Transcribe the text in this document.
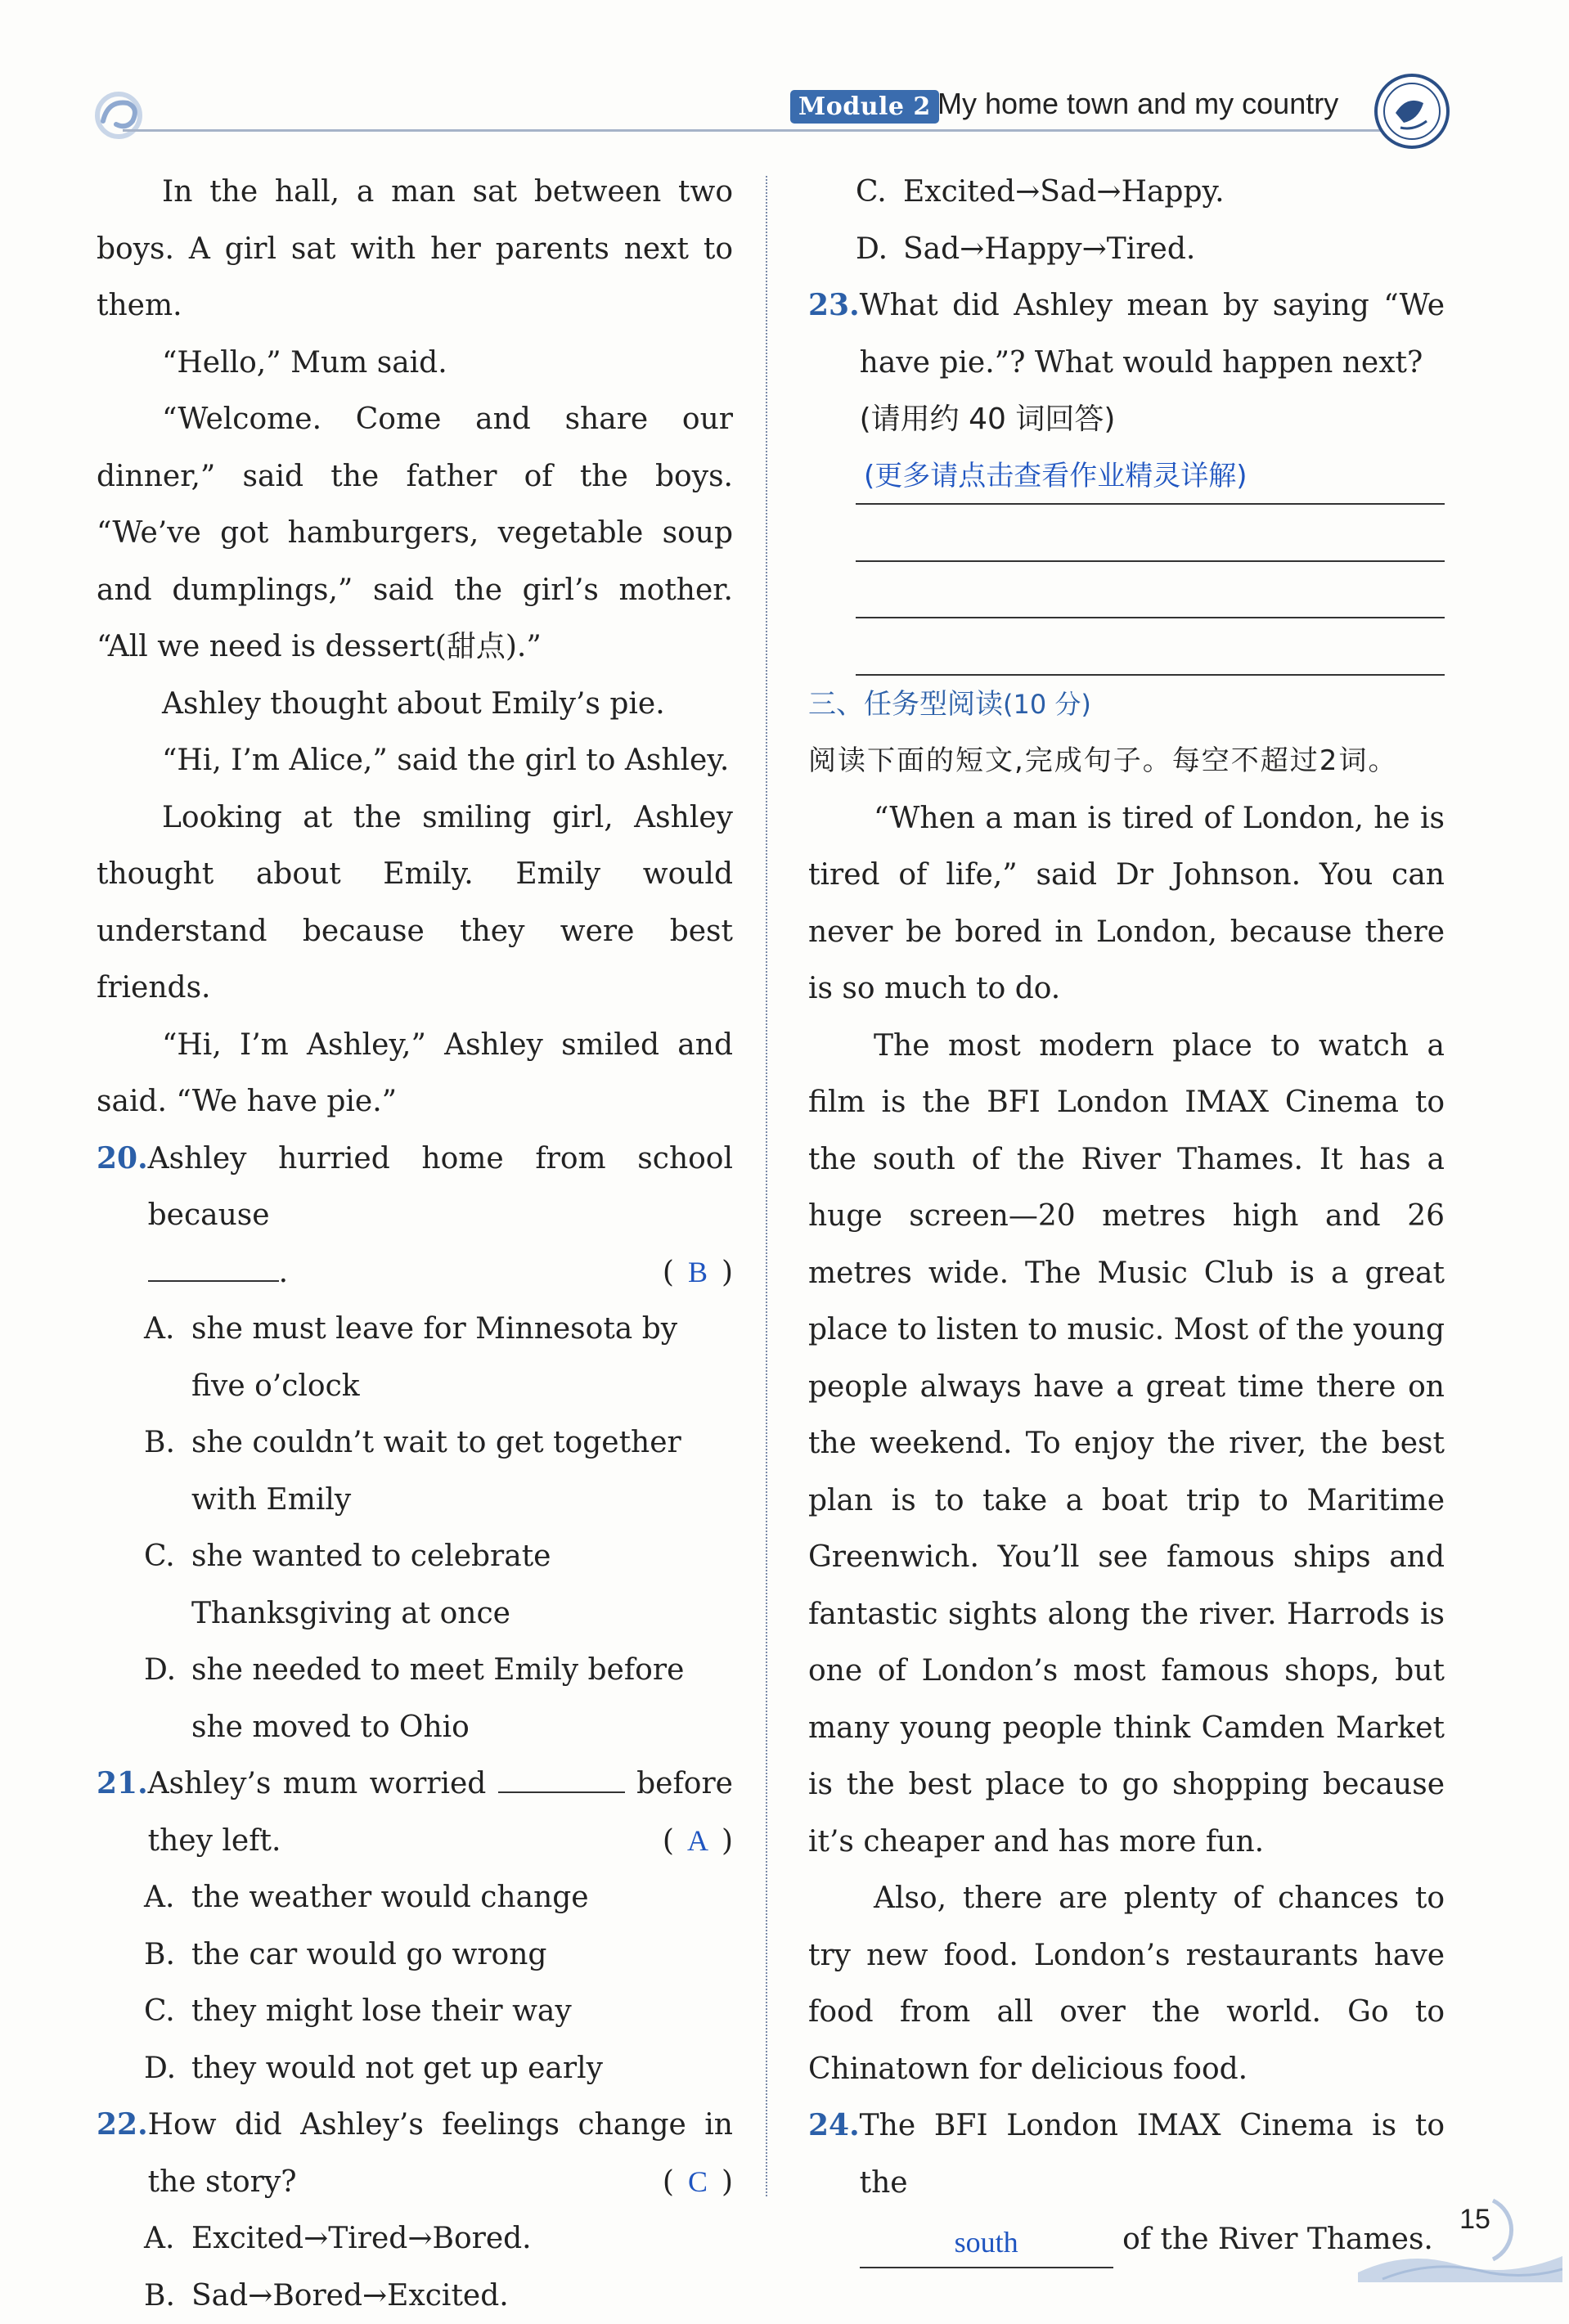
Module 2 My home town and my country

In the hall, a man sat between two boys. A girl sat with her parents next to them.

“Hello,” Mum said.

“Welcome. Come and share our dinner,” said the father of the boys. “We’ve got hamburgers, vegetable soup and dumplings,” said the girl’s mother. “All we need is dessert(甜点).”

Ashley thought about Emily’s pie.

“Hi, I’m Alice,” said the girl to Ashley.

Looking at the smiling girl, Ashley thought about Emily. Emily would understand because they were best friends.

“Hi, I’m Ashley,” Ashley smiled and said. “We have pie.”

20. Ashley hurried home from school because
.	( B )
A. she must leave for Minnesota by five o’clock
B. she couldn’t wait to get together with Emily
C. she wanted to celebrate Thanksgiving at once
D. she needed to meet Emily before she moved to Ohio
21. Ashley’s mum worried	before they left.	( A )
A. the weather would change
B. the car would go wrong
C. they might lose their way
D. they would not get up early
22. How did Ashley’s feelings change in the story?	( C )
A. Excited→Tired→Bored.
B. Sad→Bored→Excited.
C. Excited→Sad→Happy.
D. Sad→Happy→Tired.
23. What did Ashley mean by saying “We have pie.”? What would happen next?
(请用约 40 词回答)
(更多请点击查看作业精灵详解)

三、任务型阅读(10 分)

阅读下面的短文,完成句子。每空不超过2词。

“When a man is tired of London, he is tired of life,” said Dr Johnson. You can never be bored in London, because there is so much to do.

The most modern place to watch a film is the BFI London IMAX Cinema to the south of the River Thames. It has a huge screen—20 metres high and 26 metres wide. The Music Club is a great place to listen to music. Most of the young people always have a great time there on the weekend. To enjoy the river, the best plan is to take a boat trip to Maritime Greenwich. You’ll see famous ships and fantastic sights along the river. Harrods is one of London’s most famous shops, but many young people think Camden Market is the best place to go shopping because it’s cheaper and has more fun.

Also, there are plenty of chances to try new food. London’s restaurants have food from all over the world. Go to Chinatown for delicious food.

24. The BFI London IMAX Cinema is to the

south	of the River Thames.
15
